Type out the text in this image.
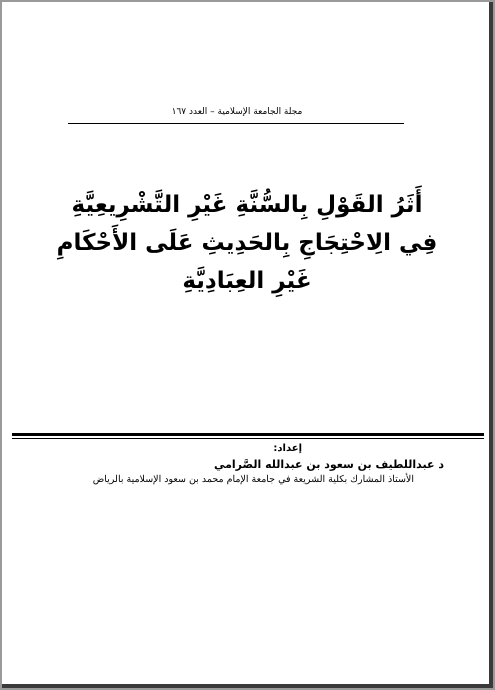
مجلة الجامعة الإسلامية – العدد ١٦٧
أَثَرُ القَوْلِ بِالسُّنَّةِ غَيْرِ التَّشْرِيعِيَّةِ
فِي الِاحْتِجَاجِ بِالحَدِيثِ عَلَى الأَحْكَامِ
غَيْرِ العِبَادِيَّةِ
إعداد:
د عبداللطيف بن سعود بن عبدالله الصَّرامي
الأستاذ المشارك بكلية الشريعة في جامعة الإمام محمد بن سعود الإسلامية بالرياض
